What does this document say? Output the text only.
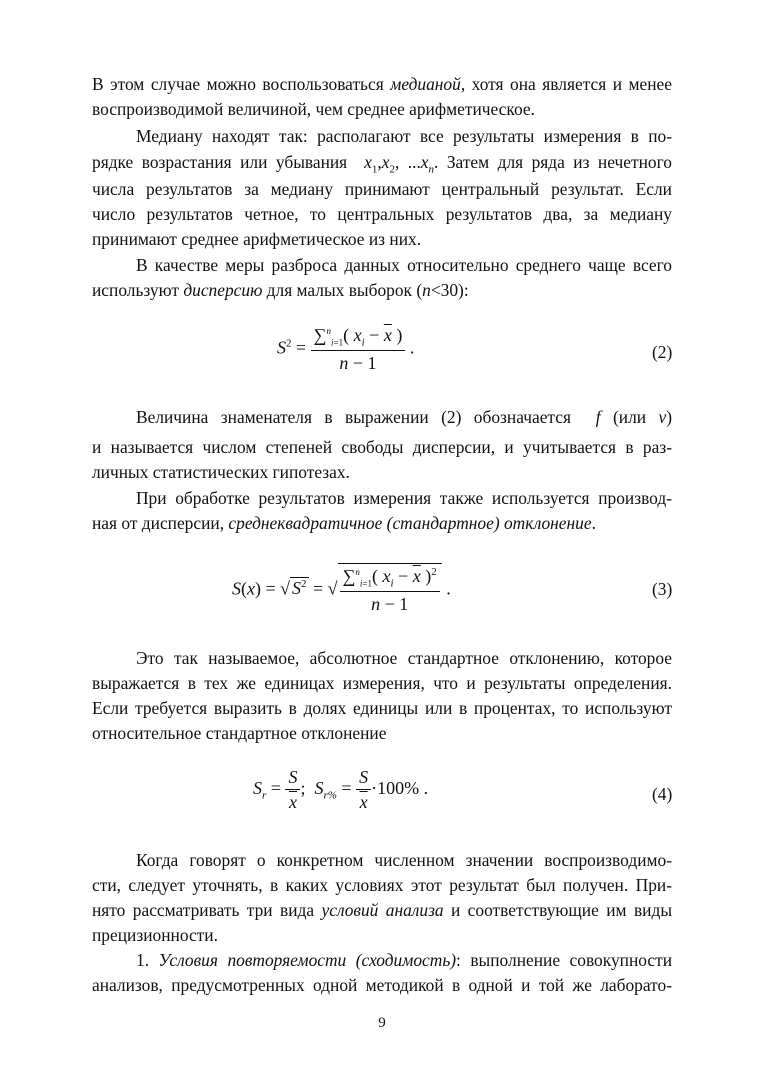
В этом случае можно воспользоваться медианой, хотя она является и менее
воспроизводимой величиной, чем среднее арифметическое.
Медиану находят так: располагают все результаты измерения в по-
рядке возрастания или убывания  $x_1,x_2$, $...x_n$. Затем для ряда из нечетного
числа результатов за медиану принимают центральный результат. Если
число результатов четное, то центральных результатов два, за медиану
принимают среднее арифметическое из них.
В качестве меры разброса данных относительно среднего чаще всего
используют дисперсию для малых выборок (n<30):
$S^2 = \frac{\sum^n_{i=1}( x_i - \overline{x} )}{n - 1}$ .	(2)
Величина знаменателя в выражении (2) обозначается  f (или ν)
и называется числом степеней свободы дисперсии, и учитывается в раз-
личных статистических гипотезах.
При обработке результатов измерения также используется производ-
ная от дисперсии, среднеквадратичное (стандартное) отклонение.
S(x) = √ $S^2$ = √ $\frac{\sum^n_{i=1}( x_i - \overline{x} )^2}{n - 1}$ .	(3)
Это так называемое, абсолютное стандартное отклонению, которое
выражается в тех же единицах измерения, что и результаты определения.
Если требуется выразить в долях единицы или в процентах, то используют
относительное стандартное отклонение
$S_r = \frac{S}{x}$ ;  $S_{r\%} = \frac{S}{x} \cdot 100\%$ .	(4)
Когда говорят о конкретном численном значении воспроизводимо-
сти, следует уточнять, в каких условиях этот результат был получен. При-
нято рассматривать три вида условий анализа и соответствующие им виды
прецизионности.
1. Условия повторяемости (сходимость): выполнение совокупности
анализов, предусмотренных одной методикой в одной и той же лаборато-
9
